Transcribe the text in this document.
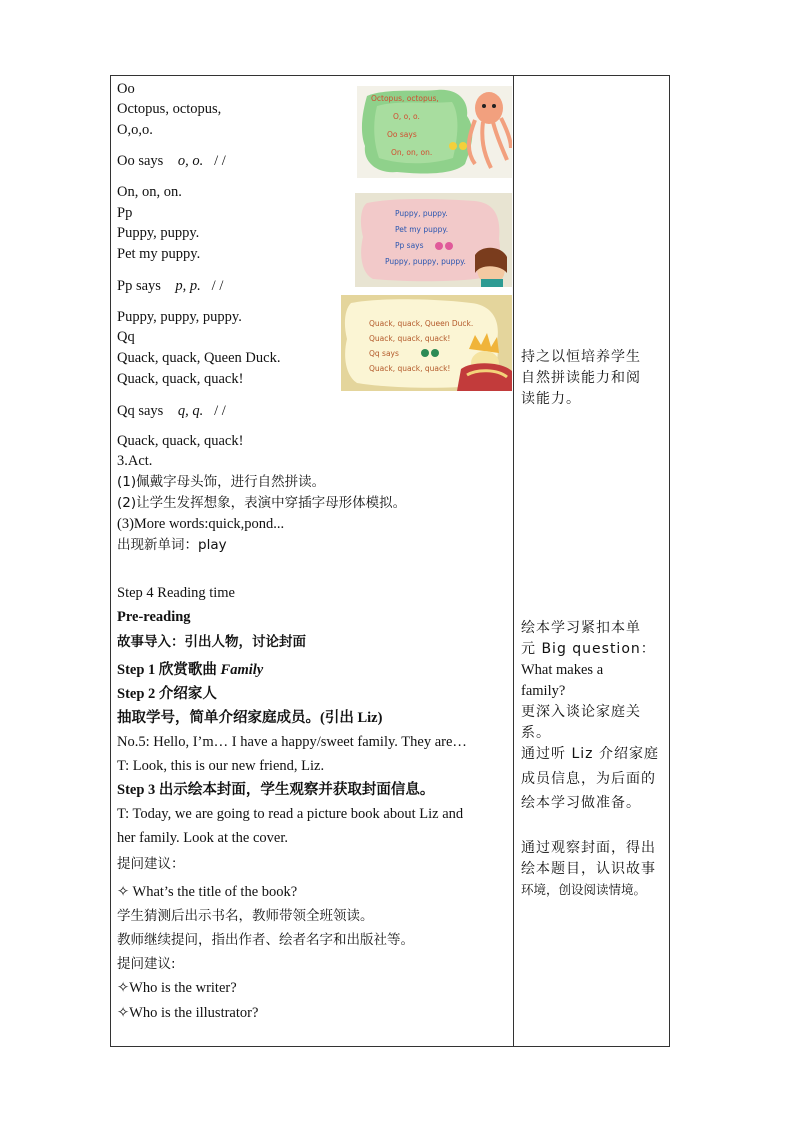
Oo
Octopus, octopus,
O,o,o.
Oo says o, o. / /
On, on, on.
Pp
Puppy, puppy.
Pet my puppy.
Pp says p, p. / /
Puppy, puppy, puppy.
Qq
Quack, quack, Queen Duck.
Quack, quack, quack!
Qq says q, q. / /
Quack, quack, quack!
3.Act.
(1)佩戴字母头饰，进行自然拼读。
(2)让学生发挥想象，表演中穿插字母形体模拟。
(3)More words:quick,pond...
出现新单词：play
Step 4 Reading time
Pre-reading
故事导入：引出人物，讨论封面
Step 1 欣赏歌曲 Family
Step 2 介绍家人
抽取学号，简单介绍家庭成员。(引出 Liz)
No.5: Hello, I’m… I have a happy/sweet family. They are…
T: Look, this is our new friend, Liz.
Step 3 出示绘本封面，学生观察并获取封面信息。
T: Today, we are going to read a picture book about Liz and
her family. Look at the cover.
提问建议：
✧ What’s the title of the book?
学生猜测后出示书名，教师带领全班领读。
教师继续提问，指出作者、绘者名字和出版社等。
提问建议:
✧Who is the writer?
✧Who is the illustrator?
持之以恒培养学生
自然拼读能力和阅
读能力。
绘本学习紧扣本单
元 Big question：
What makes a
family?
更深入谈论家庭关
系。
通过听 Liz 介绍家庭
成员信息，为后面的
绘本学习做准备。
通过观察封面，得出
绘本题目，认识故事
环境，创设阅读情境。
Octopus, octopus,
O, o, o.
Oo says
On, on, on.
Puppy, puppy.
Pet my puppy.
Pp says
Puppy, puppy, puppy.
Quack, quack, Queen Duck.
Quack, quack, quack!
Qq says
Quack, quack, quack!
